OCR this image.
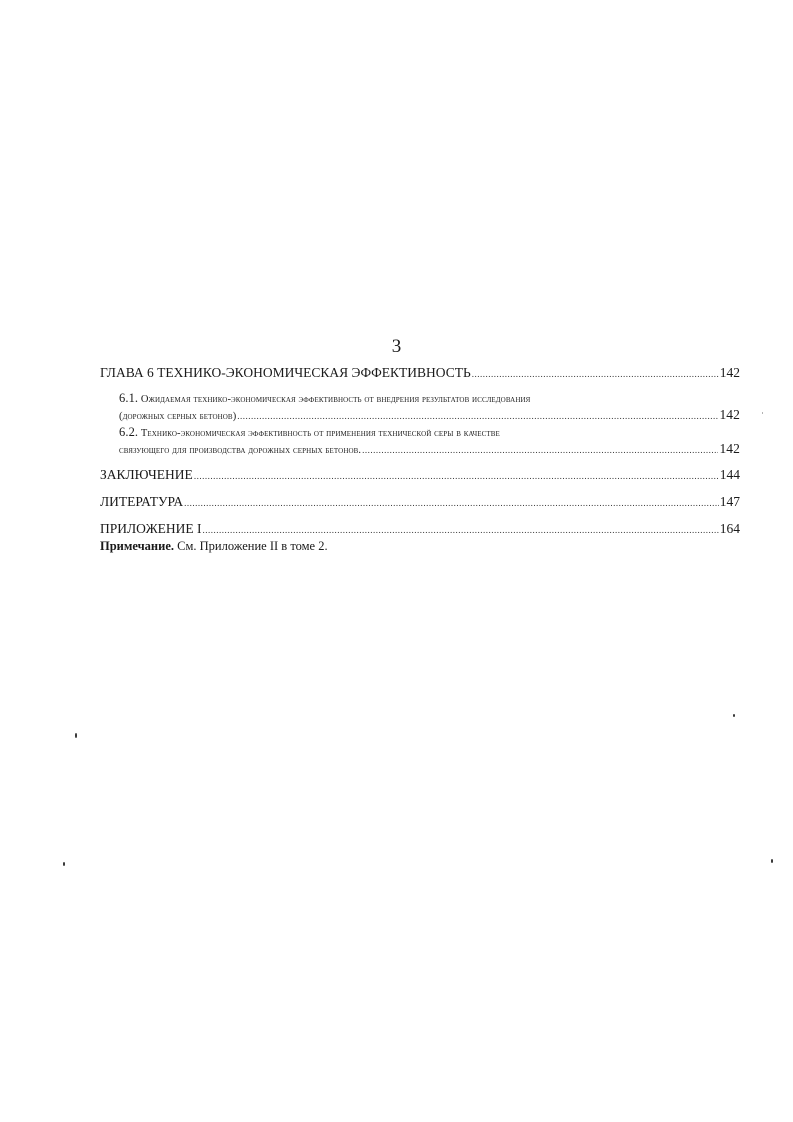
3
ГЛАВА 6 ТЕХНИКО-ЭКОНОМИЧЕСКАЯ ЭФФЕКТИВНОСТЬ .....	142
6.1. Ожидаемая технико-экономическая эффективность от внедрения результатов исследования
(дорожных серных бетонов) .....	142
6.2. Технико-экономическая эффективность от применения технической серы в качестве
связующего для производства дорожных серных бетонов. .....	142
ЗАКЛЮЧЕНИЕ .....	144
ЛИТЕРАТУРА .....	147
ПРИЛОЖЕНИЕ I .....	164
Примечание. См. Приложение II в томе 2.
